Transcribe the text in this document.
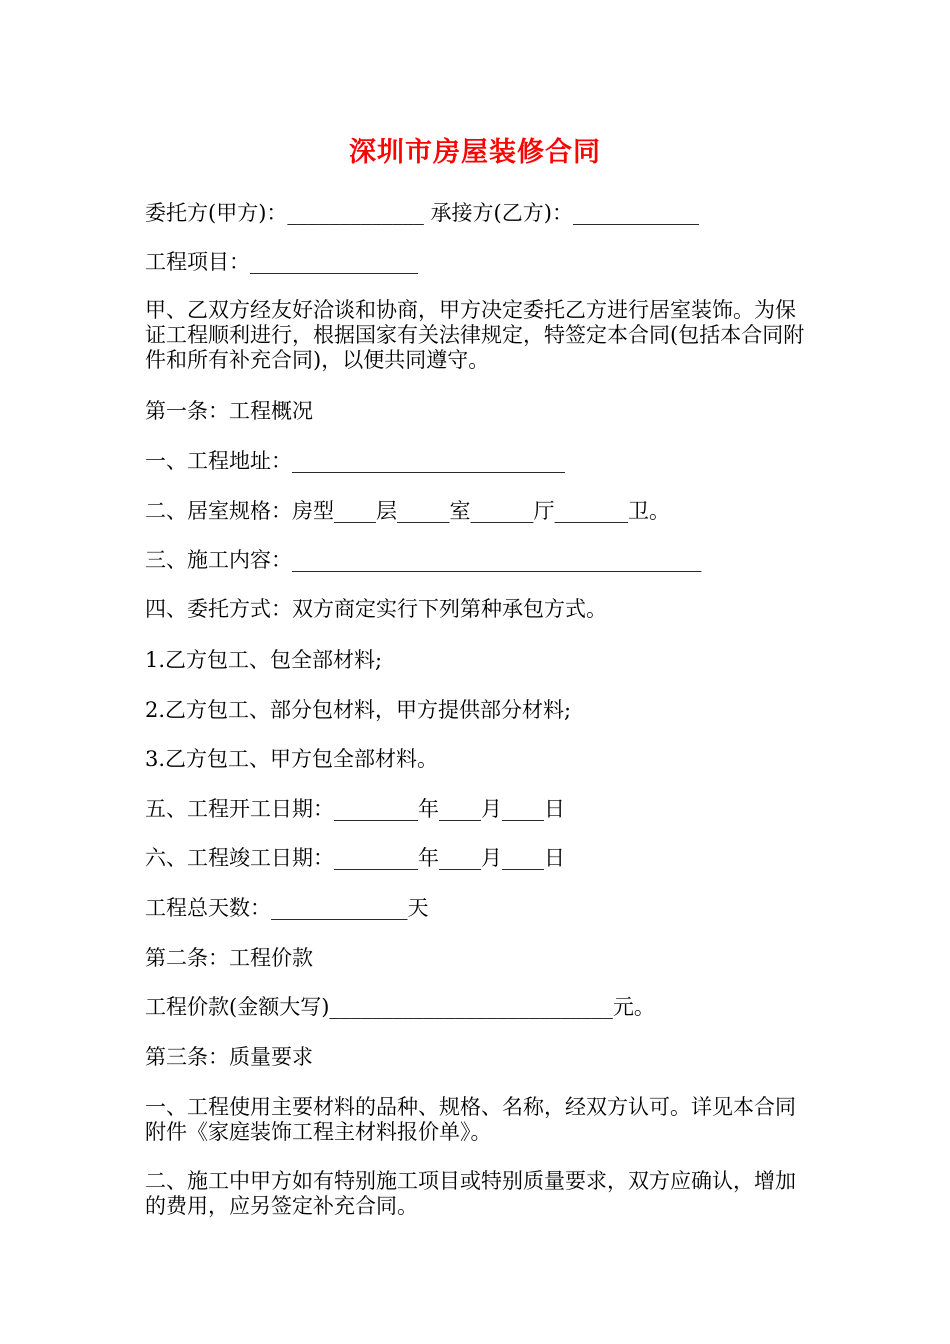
深圳市房屋装修合同
委托方(甲方)：_____________ 承接方(乙方)：____________
工程项目：________________
甲、乙双方经友好洽谈和协商，甲方决定委托乙方进行居室装饰。为保证工程顺利进行，根据国家有关法律规定，特签定本合同(包括本合同附件和所有补充合同)，以便共同遵守。
第一条：工程概况
一、工程地址：__________________________
二、居室规格：房型____层_____室______厅_______卫。
三、施工内容：_______________________________________
四、委托方式：双方商定实行下列第种承包方式。
1.乙方包工、包全部材料;
2.乙方包工、部分包材料，甲方提供部分材料;
3.乙方包工、甲方包全部材料。
五、工程开工日期：________年____月____日
六、工程竣工日期：________年____月____日
工程总天数：_____________天
第二条：工程价款
工程价款(金额大写)___________________________元。
第三条：质量要求
一、工程使用主要材料的品种、规格、名称，经双方认可。详见本合同附件《家庭装饰工程主材料报价单》。
二、施工中甲方如有特别施工项目或特别质量要求，双方应确认，增加的费用，应另签定补充合同。
